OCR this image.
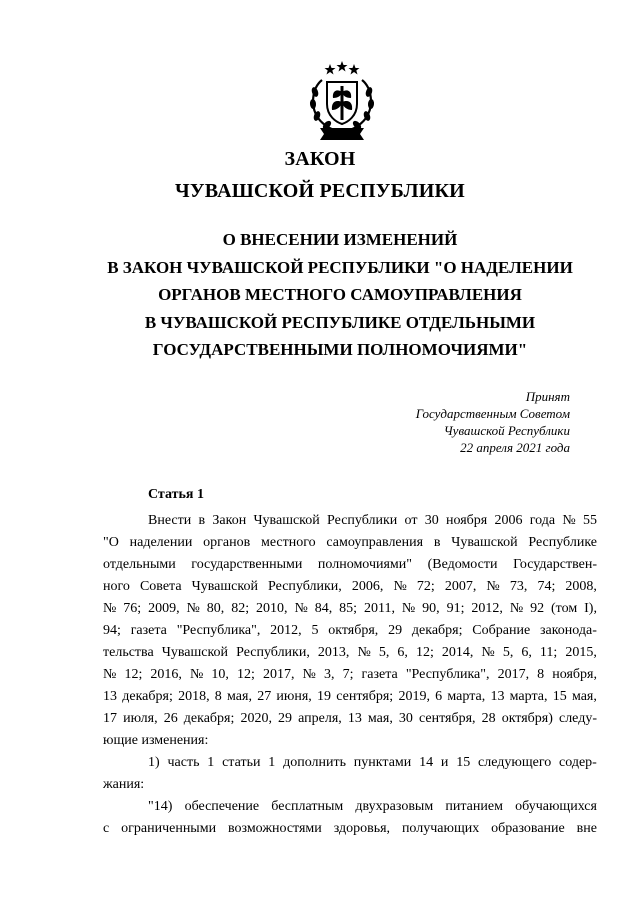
ЗАКОН
ЧУВАШСКОЙ РЕСПУБЛИКИ
О ВНЕСЕНИИ ИЗМЕНЕНИЙ
В ЗАКОН ЧУВАШСКОЙ РЕСПУБЛИКИ "О НАДЕЛЕНИИ
ОРГАНОВ МЕСТНОГО САМОУПРАВЛЕНИЯ
В ЧУВАШСКОЙ РЕСПУБЛИКЕ ОТДЕЛЬНЫМИ
ГОСУДАРСТВЕННЫМИ ПОЛНОМОЧИЯМИ"
Принят
Государственным Советом
Чувашской Республики
22 апреля 2021 года
Статья 1
Внести в Закон Чувашской Республики от 30 ноября 2006 года № 55
"О наделении органов местного самоуправления в Чувашской Республике
отдельными государственными полномочиями" (Ведомости Государствен-
ного Совета Чувашской Республики, 2006, № 72; 2007, № 73, 74; 2008,
№ 76; 2009, № 80, 82; 2010, № 84, 85; 2011, № 90, 91; 2012, № 92 (том I),
94; газета "Республика", 2012, 5 октября, 29 декабря; Собрание законода-
тельства Чувашской Республики, 2013, № 5, 6, 12; 2014, № 5, 6, 11; 2015,
№ 12; 2016, № 10, 12; 2017, № 3, 7; газета "Республика", 2017, 8 ноября,
13 декабря; 2018, 8 мая, 27 июня, 19 сентября; 2019, 6 марта, 13 марта, 15 мая,
17 июля, 26 декабря; 2020, 29 апреля, 13 мая, 30 сентября, 28 октября) следу-
ющие изменения:
1) часть 1 статьи 1 дополнить пунктами 14 и 15 следующего содер-
жания:
"14) обеспечение бесплатным двухразовым питанием обучающихся
с ограниченными возможностями здоровья, получающих образование вне
